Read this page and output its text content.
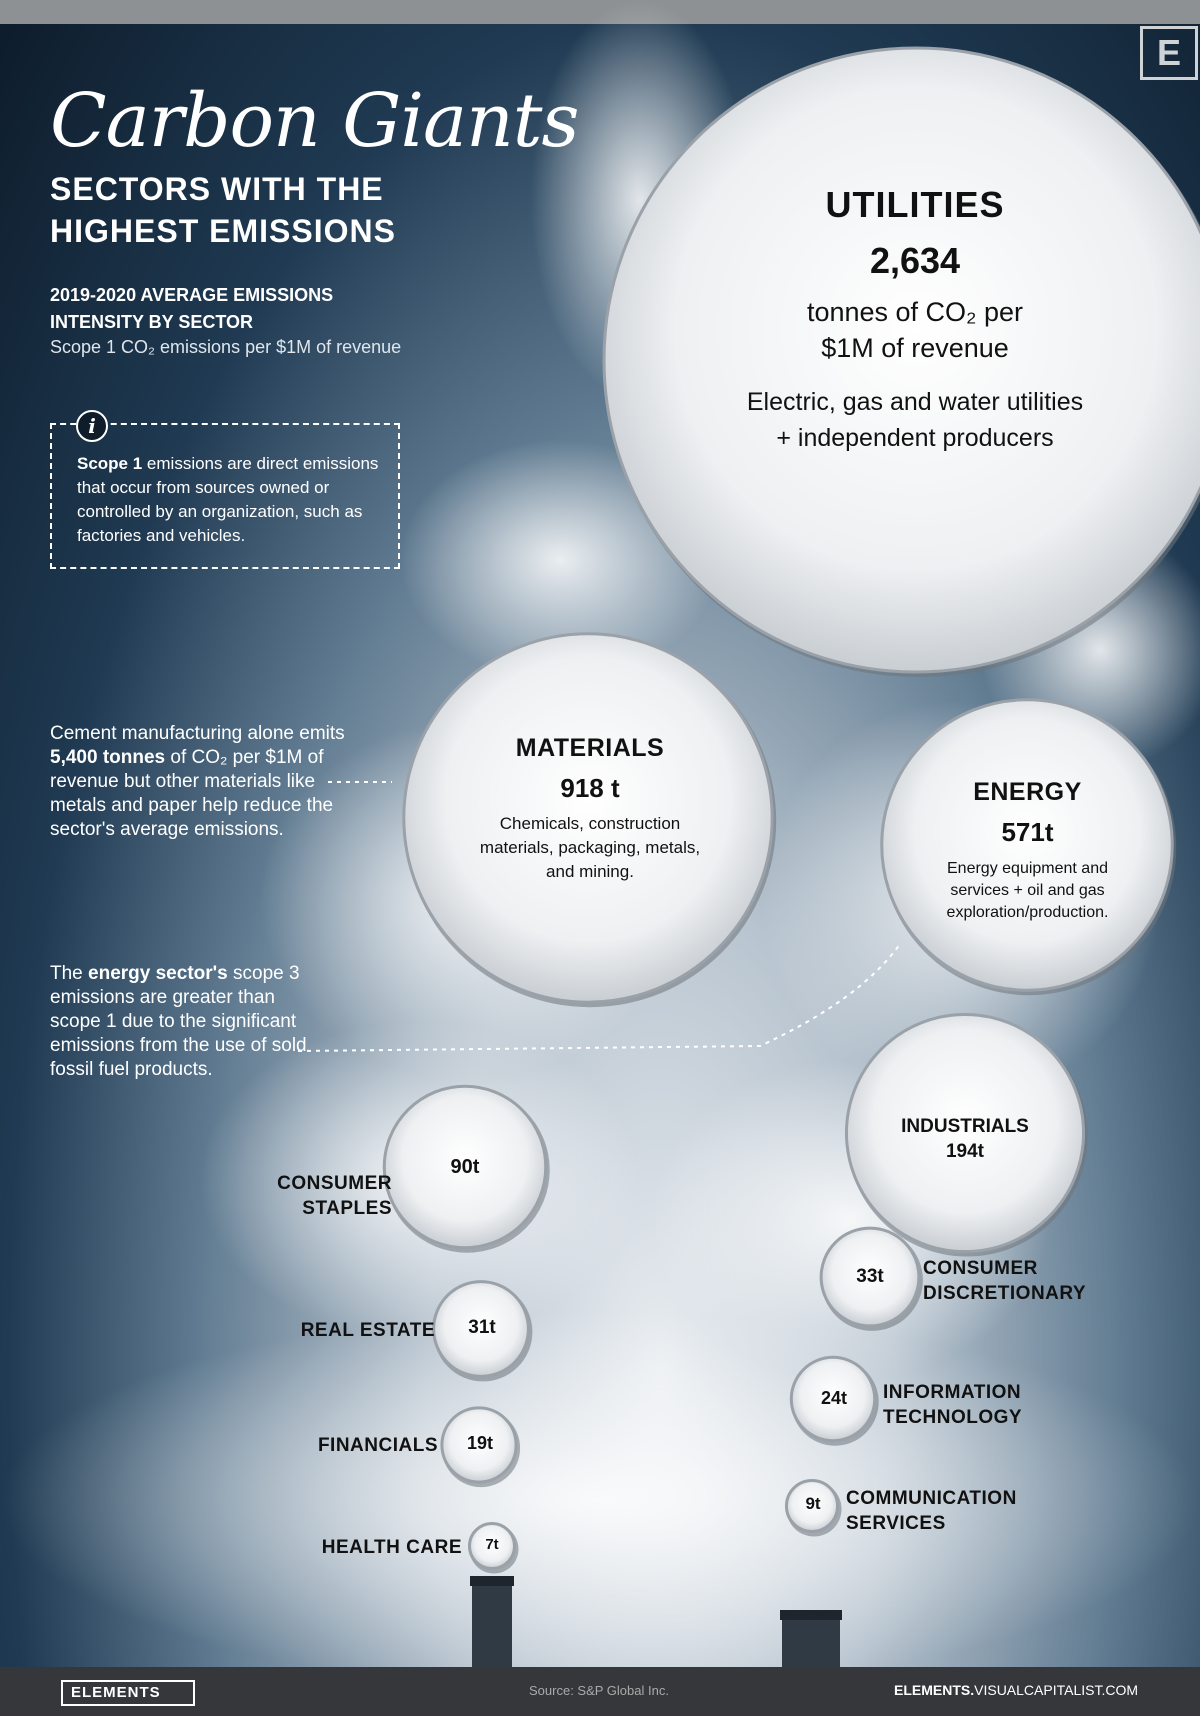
E
Carbon Giants
SECTORS WITH THE
HIGHEST EMISSIONS
2019-2020 AVERAGE EMISSIONS
INTENSITY BY SECTOR
Scope 1 CO₂ emissions per $1M of revenue
i
Scope 1 emissions are direct emissions that occur from sources owned or controlled by an organization, such as factories and vehicles.
Cement manufacturing alone emits 5,400 tonnes of CO₂ per $1M of revenue but other materials like metals and paper help reduce the sector's average emissions.
The energy sector's scope 3 emissions are greater than scope 1 due to the significant emissions from the use of sold fossil fuel products.
UTILITIES
2,634
tonnes of CO₂ per
$1M of revenue
Electric, gas and water utilities
+ independent producers
MATERIALS
918 t
Chemicals, construction materials, packaging, metals, and mining.
ENERGY
571t
Energy equipment and services + oil and gas exploration/production.
INDUSTRIALS
194t
90t
33t
31t
24t
19t
9t
7t
CONSUMER
STAPLES
CONSUMER
DISCRETIONARY
REAL ESTATE
INFORMATION
TECHNOLOGY
FINANCIALS
COMMUNICATION
SERVICES
HEALTH CARE
ELEMENTS	Source: S&P Global Inc.	ELEMENTS.VISUALCAPITALIST.COM
